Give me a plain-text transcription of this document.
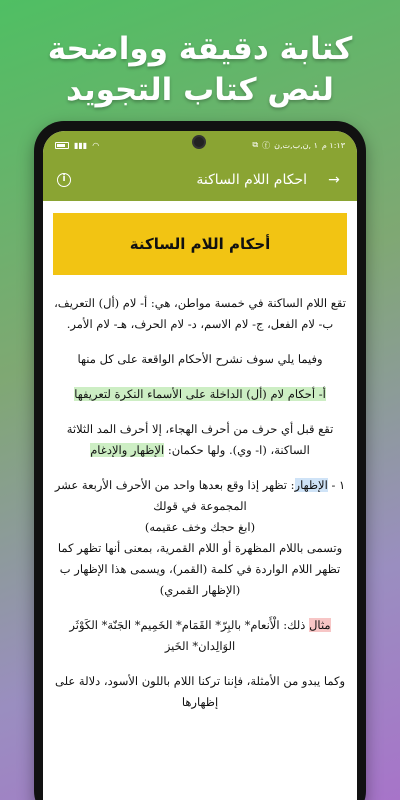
كتابة دقيقة وواضحة
لنص كتاب التجويد
▮▮▮ ◠	١:١٣ م
١ ,ن,ب,ت,ن
ⓕ
⧉
i	احكام اللام الساكنة	→
أحكام اللام الساكنة

تقع اللام الساكنة في خمسة مواطن، هي: أ- لام (أل) التعريف، ب- لام الفعل، ج- لام الاسم، د- لام الحرف، هـ- لام الأمر.

وفيما يلي سوف نشرح الأحكام الواقعة على كل منها

أ- أحكام لام (أل) الداخلة على الأسماء النكرة لتعريفها

تقع قبل أي حرف من أحرف الهجاء، إلا أحرف المد الثلاثة الساكنة، (ا- وي). ولها حكمان: الإظهار والإدغام

١ - الإظهار: تظهر إذا وقع بعدها واحد من الأحرف الأربعة عشر المجموعة في قولك
(ابغ حجك وخف عقيمه)
وتسمى باللام المظهرة أو اللام القمرية، بمعنى أنها تظهر كما تظهر اللام الواردة في كلمة (القمر)، ويسمى هذا الإظهار ب (الإظهار القمري)

مثال ذلك: الْأَنعام* بالبِرّ* القَمَام* الخَمِيم* الجَنّة* الكَوْثَر الوَالِدان* الخَيز

وكما يبدو من الأمثلة، فإننا تركنا اللام باللون الأسود، دلالة على إظهارها
